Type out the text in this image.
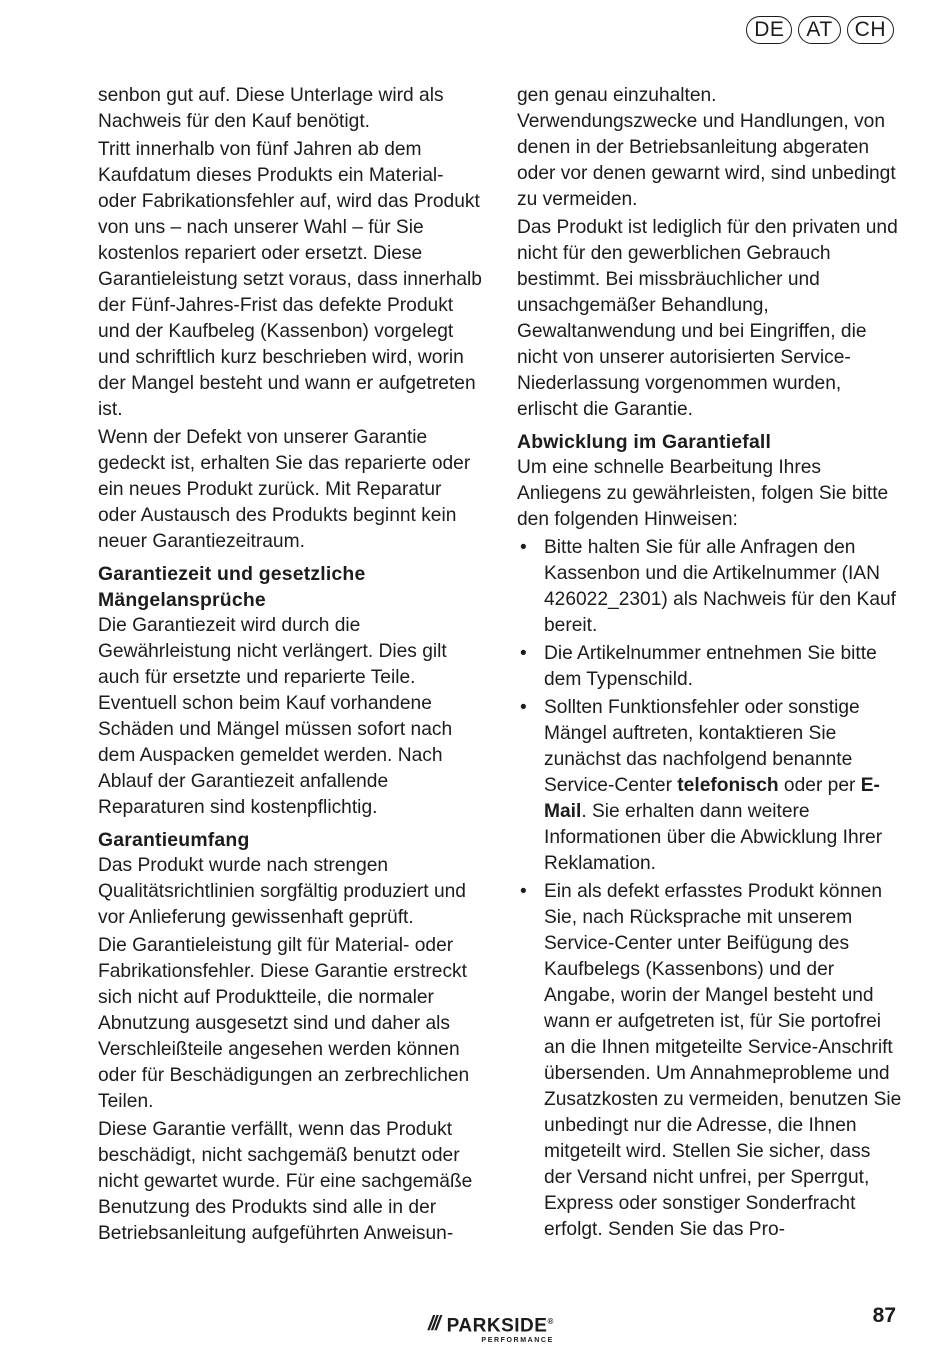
DE	AT	CH

senbon gut auf. Diese Unterlage wird als Nachweis für den Kauf benötigt.

Tritt innerhalb von fünf Jahren ab dem Kaufdatum dieses Produkts ein Material- oder Fabrikationsfehler auf, wird das Produkt von uns – nach unserer Wahl – für Sie kostenlos repariert oder ersetzt. Diese Garantieleistung setzt voraus, dass innerhalb der Fünf-Jahres-Frist das defekte Produkt und der Kaufbeleg (Kassenbon) vorgelegt und schriftlich kurz beschrieben wird, worin der Mangel besteht und wann er aufgetreten ist.

Wenn der Defekt von unserer Garantie gedeckt ist, erhalten Sie das reparierte oder ein neues Produkt zurück. Mit Reparatur oder Austausch des Produkts beginnt kein neuer Garantiezeitraum.

Garantiezeit und gesetzliche Mängelansprüche

Die Garantiezeit wird durch die Gewährleistung nicht verlängert. Dies gilt auch für ersetzte und reparierte Teile. Eventuell schon beim Kauf vorhandene Schäden und Mängel müssen sofort nach dem Auspacken gemeldet werden. Nach Ablauf der Garantiezeit anfallende Reparaturen sind kostenpflichtig.

Garantieumfang

Das Produkt wurde nach strengen Qualitätsrichtlinien sorgfältig produziert und vor Anlieferung gewissenhaft geprüft.

Die Garantieleistung gilt für Material- oder Fabrikationsfehler. Diese Garantie erstreckt sich nicht auf Produktteile, die normaler Abnutzung ausgesetzt sind und daher als Verschleißteile angesehen werden können oder für Beschädigungen an zerbrechlichen Teilen.

Diese Garantie verfällt, wenn das Produkt beschädigt, nicht sachgemäß benutzt oder nicht gewartet wurde. Für eine sachgemäße Benutzung des Produkts sind alle in der Betriebsanleitung aufgeführten Anweisun-

gen genau einzuhalten. Verwendungszwecke und Handlungen, von denen in der Betriebsanleitung abgeraten oder vor denen gewarnt wird, sind unbedingt zu vermeiden.

Das Produkt ist lediglich für den privaten und nicht für den gewerblichen Gebrauch bestimmt. Bei missbräuchlicher und unsachgemäßer Behandlung, Gewaltanwendung und bei Eingriffen, die nicht von unserer autorisierten Service-Niederlassung vorgenommen wurden, erlischt die Garantie.

Abwicklung im Garantiefall

Um eine schnelle Bearbeitung Ihres Anliegens zu gewährleisten, folgen Sie bitte den folgenden Hinweisen:

• Bitte halten Sie für alle Anfragen den Kassenbon und die Artikelnummer (IAN 426022_2301) als Nachweis für den Kauf bereit.
• Die Artikelnummer entnehmen Sie bitte dem Typenschild.
• Sollten Funktionsfehler oder sonstige Mängel auftreten, kontaktieren Sie zunächst das nachfolgend benannte Service-Center telefonisch oder per E-Mail. Sie erhalten dann weitere Informationen über die Abwicklung Ihrer Reklamation.
• Ein als defekt erfasstes Produkt können Sie, nach Rücksprache mit unserem Service-Center unter Beifügung des Kaufbelegs (Kassenbons) und der Angabe, worin der Mangel besteht und wann er aufgetreten ist, für Sie portofrei an die Ihnen mitgeteilte Service-Anschrift übersenden. Um Annahmeprobleme und Zusatzkosten zu vermeiden, benutzen Sie unbedingt nur die Adresse, die Ihnen mitgeteilt wird. Stellen Sie sicher, dass der Versand nicht unfrei, per Sperrgut, Express oder sonstiger Sonderfracht erfolgt. Senden Sie das Pro-
/// PARKSIDE®
PERFORMANCE
87
